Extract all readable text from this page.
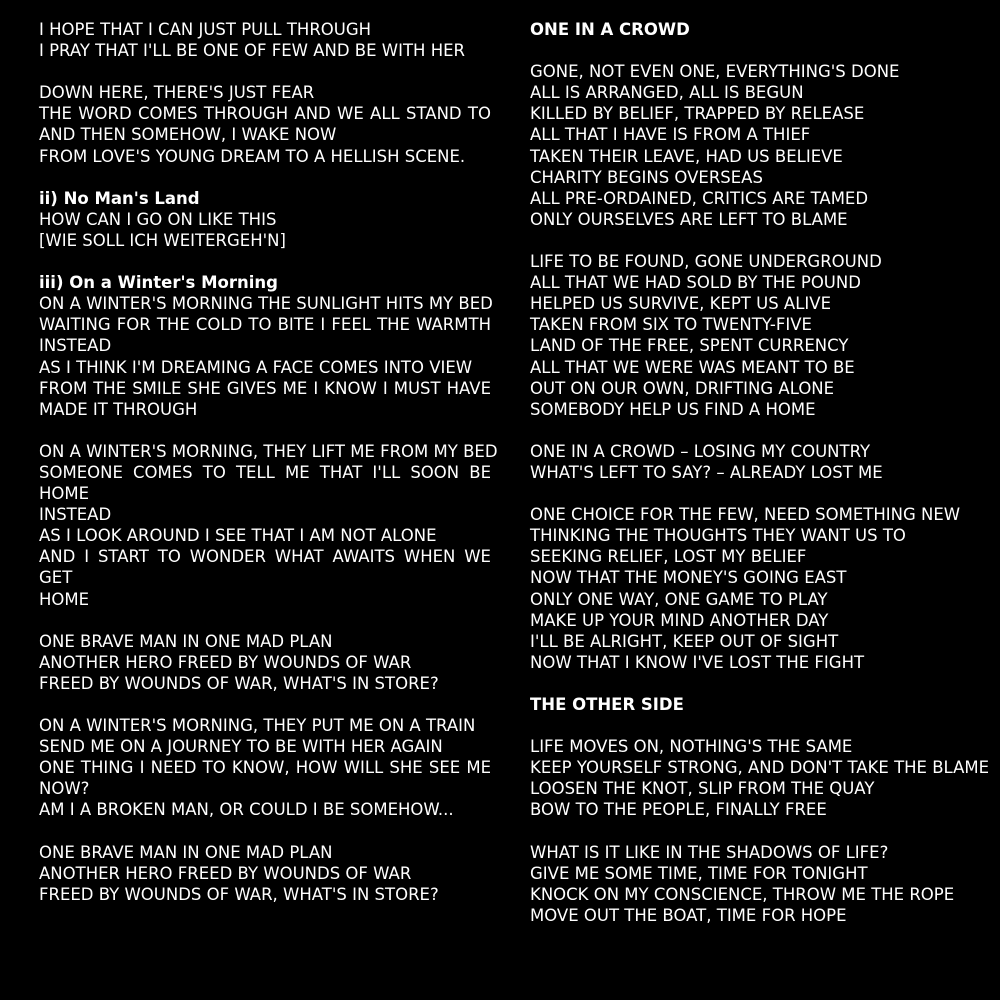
I HOPE THAT I CAN JUST PULL THROUGH
I PRAY THAT I'LL BE ONE OF FEW AND BE WITH HER
DOWN HERE, THERE'S JUST FEAR
THE WORD COMES THROUGH AND WE ALL STAND TO
AND THEN SOMEHOW, I WAKE NOW
FROM LOVE'S YOUNG DREAM TO A HELLISH SCENE.
ii) No Man's Land
HOW CAN I GO ON LIKE THIS
[WIE SOLL ICH WEITERGEH'N]
iii) On a Winter's Morning
ON A WINTER'S MORNING THE SUNLIGHT HITS MY BED
WAITING FOR THE COLD TO BITE I FEEL THE WARMTH
INSTEAD
AS I THINK I'M DREAMING A FACE COMES INTO VIEW
FROM THE SMILE SHE GIVES ME I KNOW I MUST HAVE
MADE IT THROUGH
ON A WINTER'S MORNING, THEY LIFT ME FROM MY BED
SOMEONE COMES TO TELL ME THAT I'LL SOON BE HOME
INSTEAD
AS I LOOK AROUND I SEE THAT I AM NOT ALONE
AND I START TO WONDER WHAT AWAITS WHEN WE GET
HOME
ONE BRAVE MAN IN ONE MAD PLAN
ANOTHER HERO FREED BY WOUNDS OF WAR
FREED BY WOUNDS OF WAR, WHAT'S IN STORE?
ON A WINTER'S MORNING, THEY PUT ME ON A TRAIN
SEND ME ON A JOURNEY TO BE WITH HER AGAIN
ONE THING I NEED TO KNOW, HOW WILL SHE SEE ME
NOW?
AM I A BROKEN MAN, OR COULD I BE SOMEHOW...
ONE BRAVE MAN IN ONE MAD PLAN
ANOTHER HERO FREED BY WOUNDS OF WAR
FREED BY WOUNDS OF WAR, WHAT'S IN STORE?
ONE IN A CROWD
GONE, NOT EVEN ONE, EVERYTHING'S DONE
ALL IS ARRANGED, ALL IS BEGUN
KILLED BY BELIEF, TRAPPED BY RELEASE
ALL THAT I HAVE IS FROM A THIEF
TAKEN THEIR LEAVE, HAD US BELIEVE
CHARITY BEGINS OVERSEAS
ALL PRE-ORDAINED, CRITICS ARE TAMED
ONLY OURSELVES ARE LEFT TO BLAME
LIFE TO BE FOUND, GONE UNDERGROUND
ALL THAT WE HAD SOLD BY THE POUND
HELPED US SURVIVE, KEPT US ALIVE
TAKEN FROM SIX TO TWENTY-FIVE
LAND OF THE FREE, SPENT CURRENCY
ALL THAT WE WERE WAS MEANT TO BE
OUT ON OUR OWN, DRIFTING ALONE
SOMEBODY HELP US FIND A HOME
ONE IN A CROWD – LOSING MY COUNTRY
WHAT'S LEFT TO SAY? – ALREADY LOST ME
ONE CHOICE FOR THE FEW, NEED SOMETHING NEW
THINKING THE THOUGHTS THEY WANT US TO
SEEKING RELIEF, LOST MY BELIEF
NOW THAT THE MONEY'S GOING EAST
ONLY ONE WAY, ONE GAME TO PLAY
MAKE UP YOUR MIND ANOTHER DAY
I'LL BE ALRIGHT, KEEP OUT OF SIGHT
NOW THAT I KNOW I'VE LOST THE FIGHT
THE OTHER SIDE
LIFE MOVES ON, NOTHING'S THE SAME
KEEP YOURSELF STRONG, AND DON'T TAKE THE BLAME
LOOSEN THE KNOT, SLIP FROM THE QUAY
BOW TO THE PEOPLE, FINALLY FREE
WHAT IS IT LIKE IN THE SHADOWS OF LIFE?
GIVE ME SOME TIME, TIME FOR TONIGHT
KNOCK ON MY CONSCIENCE, THROW ME THE ROPE
MOVE OUT THE BOAT, TIME FOR HOPE
